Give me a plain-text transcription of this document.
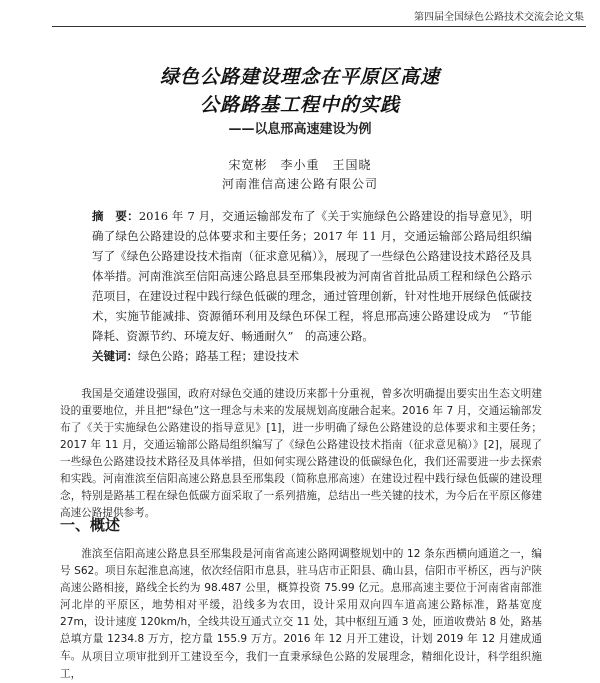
第四届全国绿色公路技术交流会论文集
绿色公路建设理念在平原区高速
公路路基工程中的实践
——以息邢高速建设为例
宋宽彬　李小重　王国晓
河南淮信高速公路有限公司
摘　要：2016 年 7 月，交通运输部发布了《关于实施绿色公路建设的指导意见》，明确了绿色公路建设的总体要求和主要任务；2017 年 11 月，交通运输部公路局组织编写了《绿色公路建设技术指南（征求意见稿）》，展现了一些绿色公路建设技术路径及具体举措。河南淮滨至信阳高速公路息县至邢集段被为河南省首批品质工程和绿色公路示范项目，在建设过程中践行绿色低碳的理念，通过管理创新，针对性地开展绿色低碳技术，实施节能减排、资源循环利用及绿色环保工程，将息邢高速公路建设成为　“节能降耗、资源节约、环境友好、畅通耐久”　的高速公路。
关键词：绿色公路；路基工程；建设技术
我国是交通建设强国，政府对绿色交通的建设历来都十分重视，曾多次明确提出要实出生态文明建设的重要地位，并且把“绿色”这一理念与未来的发展规划高度融合起来。2016 年 7 月，交通运输部发布了《关于实施绿色公路建设的指导意见》[1]，进一步明确了绿色公路建设的总体要求和主要任务；2017 年 11 月，交通运输部公路局组织编写了《绿色公路建设技术指南（征求意见稿）》[2]，展现了一些绿色公路建设技术路径及具体举措，但如何实现公路建设的低碳绿色化，我们还需要进一步去探索和实践。河南淮滨至信阳高速公路息县至邢集段（简称息邢高速）在建设过程中践行绿色低碳的建设理念，特别是路基工程在绿色低碳方面采取了一系列措施，总结出一些关键的技术，为今后在平原区修建高速公路提供参考。
一、概述
淮滨至信阳高速公路息县至邢集段是河南省高速公路网调整规划中的 12 条东西横向通道之一，编号 S62。项目东起淮息高速，依次经信阳市息县，驻马店市正阳县、确山县，信阳市平桥区，西与沪陕高速公路相接，路线全长约为 98.487 公里，概算投资 75.99 亿元。息邢高速主要位于河南省南部淮河北岸的平原区，地势相对平缓，沿线多为农田，设计采用双向四车道高速公路标准，路基宽度 27m，设计速度 120km/h，全线共设互通式立交 11 处，其中枢纽互通 3 处，匝道收费站 8 处，路基总填方量 1234.8 万方，挖方量 155.9 万方。2016 年 12 月开工建设，计划 2019 年 12 月建成通车。 从项目立项审批到开工建设至今，我们一直秉承绿色公路的发展理念，精细化设计，科学组织施工，
